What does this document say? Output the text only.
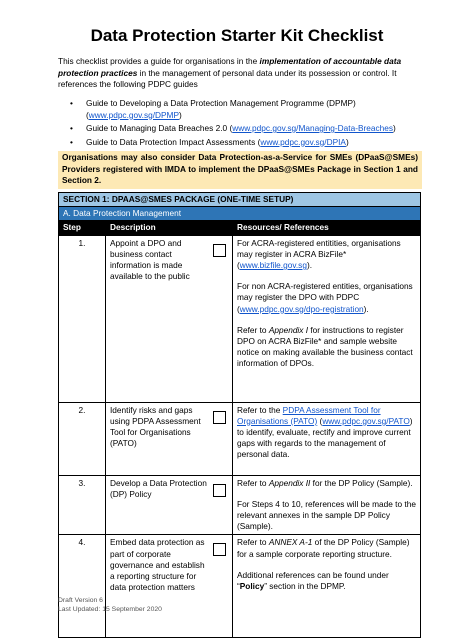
Data Protection Starter Kit Checklist
This checklist provides a guide for organisations in the implementation of accountable data protection practices in the management of personal data under its possession or control. It references the following PDPC guides
• Guide to Developing a Data Protection Management Programme (DPMP)
(www.pdpc.gov.sg/DPMP)
• Guide to Managing Data Breaches 2.0 (www.pdpc.gov.sg/Managing-Data-Breaches)
• Guide to Data Protection Impact Assessments (www.pdpc.gov.sg/DPIA)
Organisations may also consider Data Protection-as-a-Service for SMEs (DPaaS@SMEs) Providers registered with IMDA to implement the DPaaS@SMEs Package in Section 1 and Section 2.
SECTION 1: DPAAS@SMES PACKAGE (ONE-TIME SETUP)		
A. Data Protection Management		
Step	Description	Resources/ References
1.	Appoint a DPO and business contact information is made available to the public	For ACRA-registered entitities, organisations may register in ACRA BizFile* (www.bizfile.gov.sg).

For non ACRA-registered entities, organisations may register the DPO with PDPC (www.pdpc.gov.sg/dpo-registration).

Refer to Appendix I for instructions to register DPO on ACRA BizFile* and sample website notice on making available the business contact information of DPOs.

2.	Identify risks and gaps using PDPA Assessment Tool for Organisations (PATO)	Refer to the PDPA Assessment Tool for Organisations (PATO) (www.pdpc.gov.sg/PATO) to identify, evaluate, rectify and improve current gaps with regards to the management of personal data.

3.	Develop a Data Protection (DP) Policy	Refer to Appendix II for the DP Policy (Sample).

For Steps 4 to 10, references will be made to the relevant annexes in the sample DP Policy (Sample).

4.	Embed data protection as part of corporate governance and establish a reporting structure for data protection matters	Refer to ANNEX A-1 of the DP Policy (Sample) for a sample corporate reporting structure.

Additional references can be found under “Policy” section in the DPMP.

Draft Version 6
Last Updated: 15 September 2020
